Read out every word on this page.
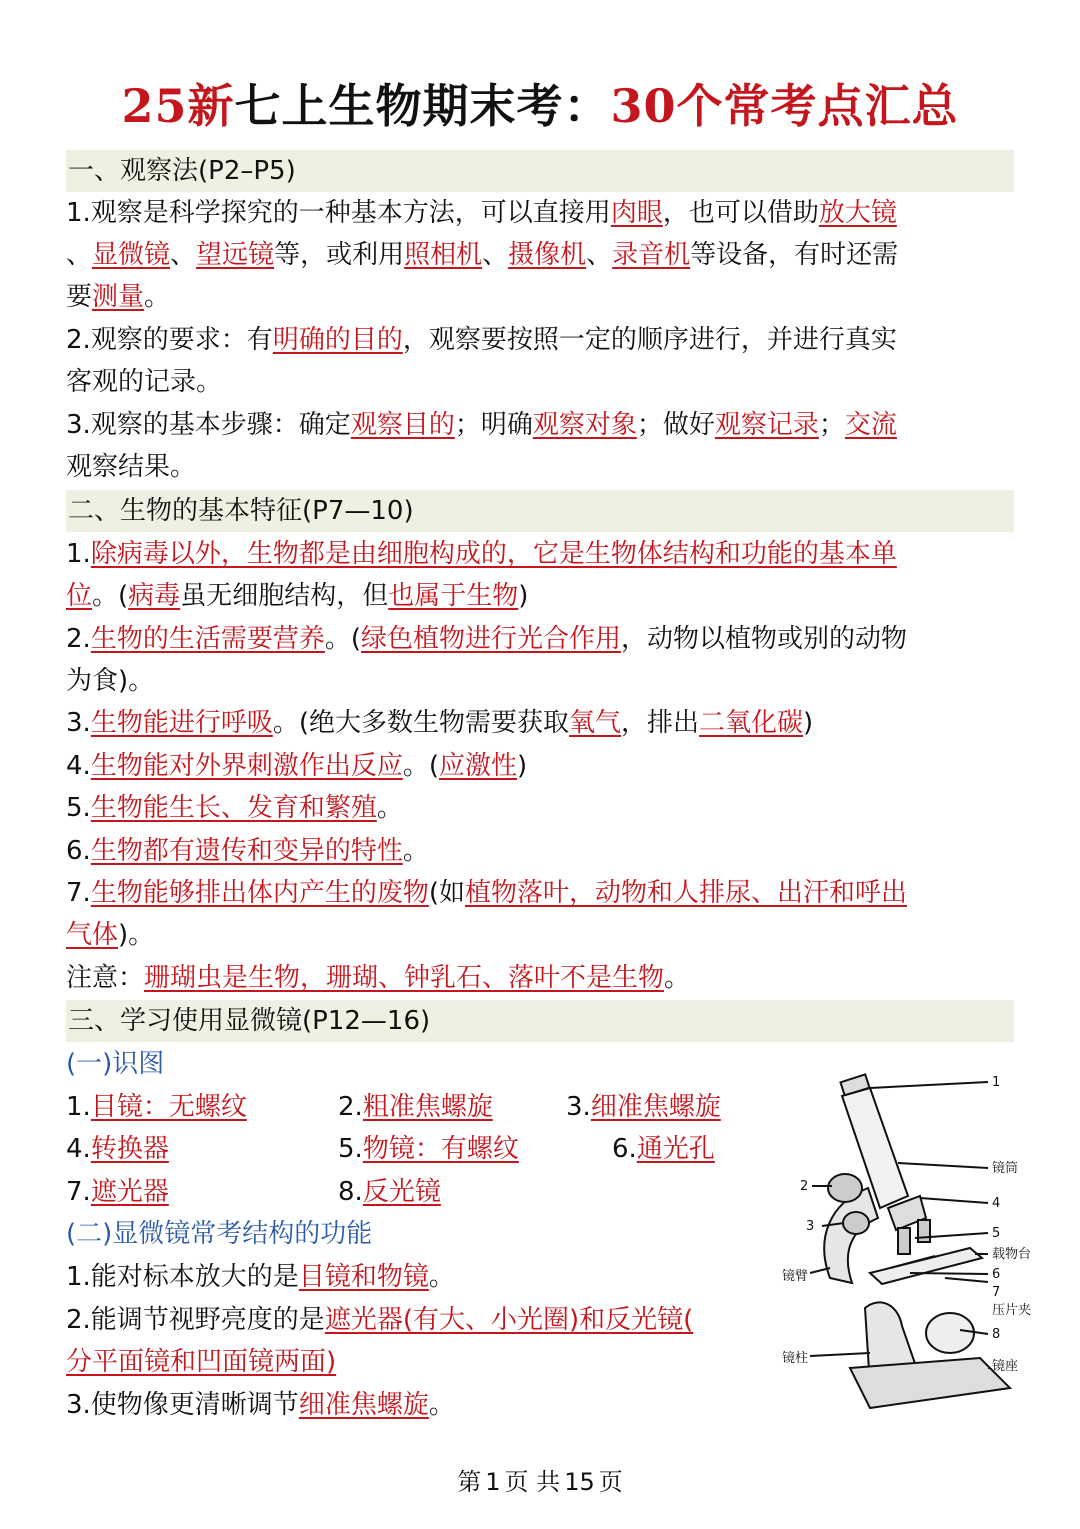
25新七上生物期末考：30个常考点汇总
一、观察法(P2–P5)
1.观察是科学探究的一种基本方法，可以直接用肉眼，也可以借助放大镜
、显微镜、望远镜等，或利用照相机、摄像机、录音机等设备，有时还需
要测量。
2.观察的要求：有明确的目的，观察要按照一定的顺序进行，并进行真实
客观的记录。
3.观察的基本步骤：确定观察目的；明确观察对象；做好观察记录；交流
观察结果。
二、生物的基本特征(P7—10)
1.除病毒以外，生物都是由细胞构成的，它是生物体结构和功能的基本单
位。(病毒虽无细胞结构，但也属于生物)
2.生物的生活需要营养。(绿色植物进行光合作用，动物以植物或别的动物
为食)。
3.生物能进行呼吸。(绝大多数生物需要获取氧气，排出二氧化碳)
4.生物能对外界刺激作出反应。(应激性)
5.生物能生长、发育和繁殖。
6.生物都有遗传和变异的特性。
7.生物能够排出体内产生的废物(如植物落叶，动物和人排尿、出汗和呼出
气体)。
注意：珊瑚虫是生物，珊瑚、钟乳石、落叶不是生物。
三、学习使用显微镜(P12—16)
(一)识图
1.目镜：无螺纹	2.粗准焦螺旋	3.细准焦螺旋
4.转换器	5.物镜：有螺纹	6.通光孔
7.遮光器	8.反光镜
(二)显微镜常考结构的功能
1.能对标本放大的是目镜和物镜。
2.能调节视野亮度的是遮光器(有大、小光圈)和反光镜(
分平面镜和凹面镜两面)
3.使物像更清晰调节细准焦螺旋。
1
镜筒
2
3
4
5
载物台
6
7
压片夹
8
镜座
镜臂
镜柱
第 1 页 共 15 页
